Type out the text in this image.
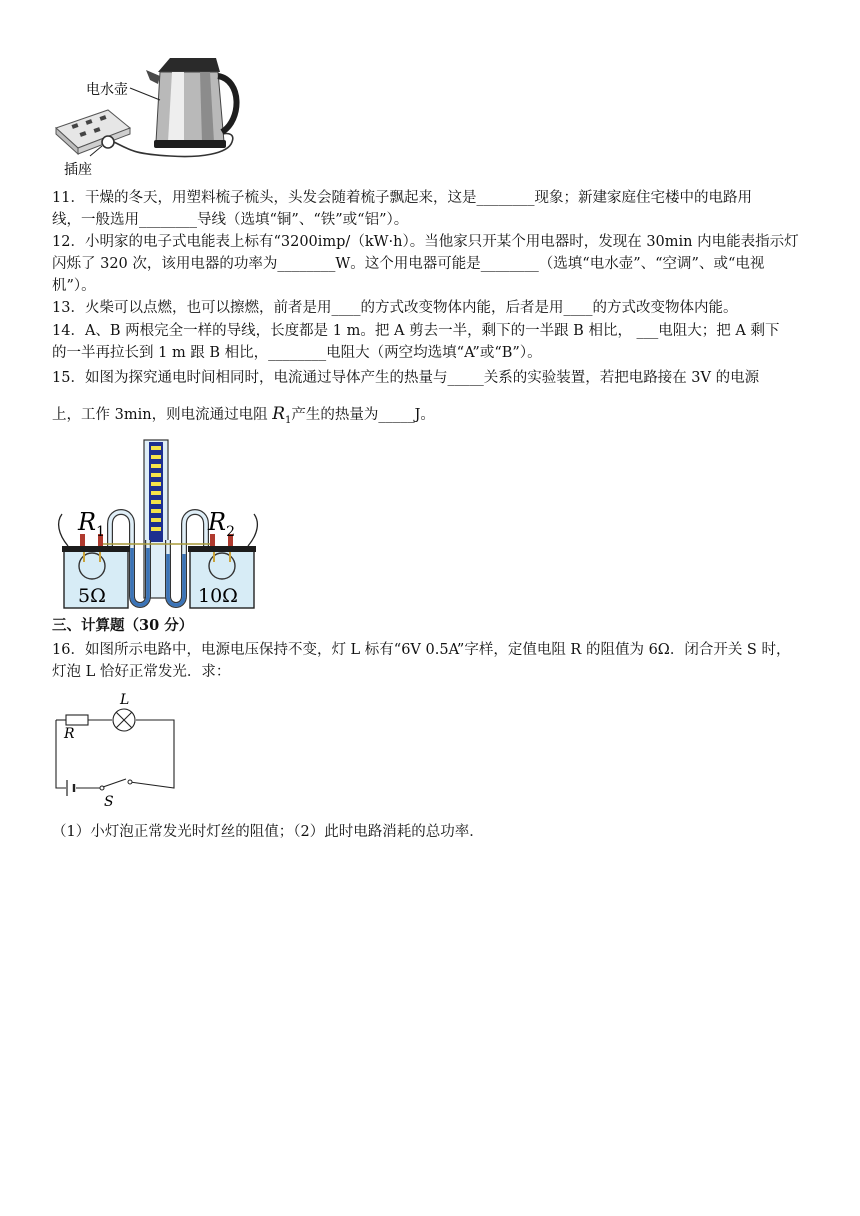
电水壶
插座
11．干燥的冬天，用塑料梳子梳头，头发会随着梳子飘起来，这是________现象；新建家庭住宅楼中的电路用
线，一般选用________导线（选填“铜”、“铁”或“铝”）。
12．小明家的电子式电能表上标有“3200imp/（kW·h）。当他家只开某个用电器时，发现在 30min 内电能表指示灯
闪烁了 320 次，该用电器的功率为________W。这个用电器可能是________（选填“电水壶”、“空调”、或“电视
机”）。
13．火柴可以点燃，也可以擦燃，前者是用____的方式改变物体内能，后者是用____的方式改变物体内能。
14．A、B 两根完全一样的导线，长度都是 1 m。把 A 剪去一半，剩下的一半跟 B 相比， ___电阻大；把 A 剩下
的一半再拉长到 1 m 跟 B 相比，________电阻大（两空均选填“A”或“B”）。
15．如图为探究通电时间相同时，电流通过导体产生的热量与_____关系的实验装置，若把电路接在 3V 的电源
上，工作 3min，则电流通过电阻 $R_1$产生的热量为_____J。
$R_1$	$R_2$
5Ω	10Ω
三、计算题（30 分）
16．如图所示电路中，电源电压保持不变，灯 L 标有“6V 0.5A”字样，定值电阻 R 的阻值为 6Ω．闭合开关 S 时，
灯泡 L 恰好正常发光．求：
L
R
S
（1）小灯泡正常发光时灯丝的阻值；（2）此时电路消耗的总功率．
